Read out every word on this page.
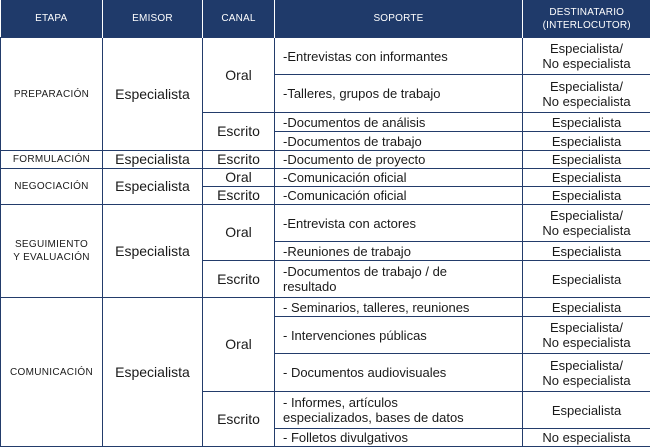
ETAPA	EMISOR	CANAL	SOPORTE	DESTINATARIO
(INTERLOCUTOR)
PREPARACIÓN	Especialista	Oral	-Entrevistas con informantes	Especialista/
No especialista
			-Talleres, grupos de trabajo	Especialista/
No especialista
		Escrito	-Documentos de análisis	Especialista
			-Documentos de trabajo	Especialista
FORMULACIÓN	Especialista	Escrito	-Documento de proyecto	Especialista
NEGOCIACIÓN	Especialista	Oral	-Comunicación oficial	Especialista
		Escrito	-Comunicación oficial	Especialista
SEGUIMIENTO
Y EVALUACIÓN	Especialista	Oral	-Entrevista con actores	Especialista/
No especialista
			-Reuniones de trabajo	Especialista
		Escrito	-Documentos de trabajo / de
resultado	Especialista
COMUNICACIÓN	Especialista	Oral	- Seminarios, talleres, reuniones	Especialista
			- Intervenciones públicas	Especialista/
No especialista
			- Documentos audiovisuales	Especialista/
No especialista
		Escrito	- Informes, artículos
especializados, bases de datos	Especialista
			- Folletos divulgativos	No especialista
